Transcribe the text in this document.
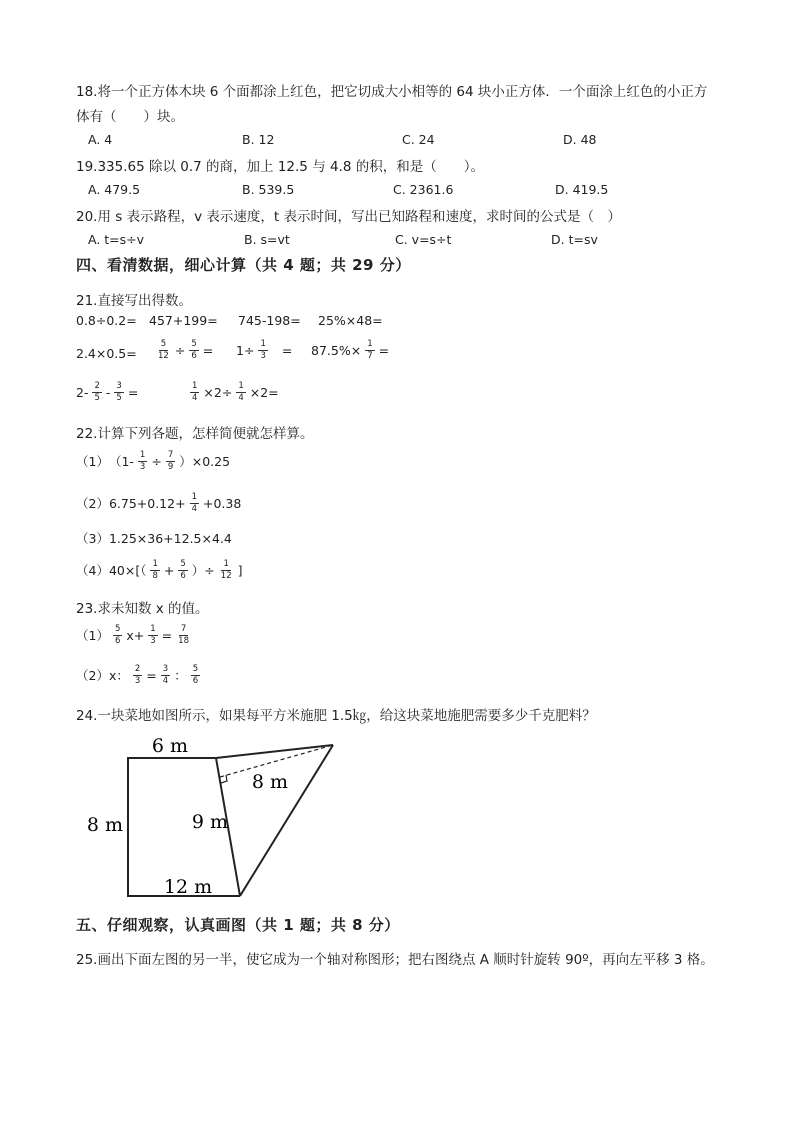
18.将一个正方体木块 6 个面都涂上红色，把它切成大小相等的 64 块小正方体．一个面涂上红色的小正方
体有（　　）块。
A. 4	B. 12	C. 24	D. 48
19.335.65 除以 0.7 的商，加上 12.5 与 4.8 的积，和是（　　）。
A. 479.5	B. 539.5	C. 2361.6	D. 419.5
20.用 s 表示路程，v 表示速度，t 表示时间，写出已知路程和速度，求时间的公式是（　）
A. t=s÷v	B. s=vt	C. v=s÷t	D. t=sv
四、看清数据，细心计算（共 4 题；共 29 分）
21.直接写出得数。
0.8÷0.2= 457+199= 745-198= 25%×48=
$2.4\times 0.5= \frac{5}{12} \div \frac{5}{6} = 1\div \frac{1}{3} = 87.5\%\times \frac{1}{7}$ =
$2- \frac{2}{5} - \frac{3}{5}$ =	$\frac{1}{4} \times 2\div \frac{1}{4} \times 2=$
22.计算下列各题，怎样简便就怎样算。
（1） $(1- \frac{1}{3} \div \frac{7}{9} )\times 0.25$
（2） $6.75+0.12+ \frac{1}{4} +0.38$
（3） 1.25×36+12.5×4.4
（4） $40\times[( \frac{1}{8} + \frac{5}{6}$ ）÷ $\frac{1}{12}$ ]
23.求未知数 x 的值。
$(1) \frac{5}{6} x+ \frac{1}{3} = \frac{7}{18}$
（2） x： $\frac{2}{3} = \frac{3}{4}$ ： $\frac{5}{6}$
24.一块菜地如图所示，如果每平方米施肥 1.5㎏，给这块菜地施肥需要多少千克肥料？
6 m
8 m	9 m
8 m
12 m
五、仔细观察，认真画图（共 1 题；共 8 分）
25.画出下面左图的另一半，使它成为一个轴对称图形；把右图绕点 A 顺时针旋转 90º，再向左平移 3 格。
